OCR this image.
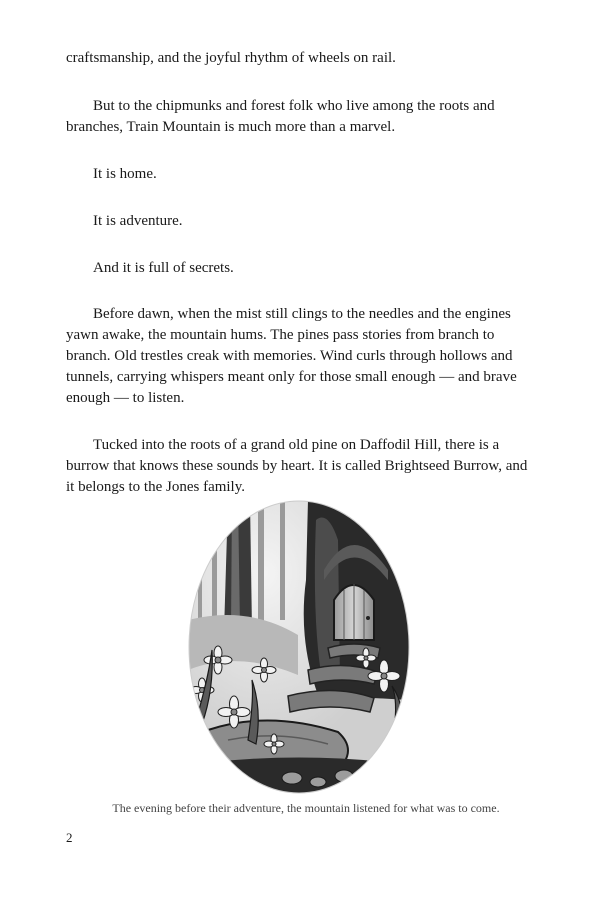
craftsmanship, and the joyful rhythm of wheels on rail.

But to the chipmunks and forest folk who live among the roots and branches, Train Mountain is much more than a marvel.

It is home.

It is adventure.

And it is full of secrets.

Before dawn, when the mist still clings to the needles and the engines yawn awake, the mountain hums. The pines pass stories from branch to branch. Old trestles creak with memories. Wind curls through hollows and tunnels, carrying whispers meant only for those small enough — and brave enough — to listen.

Tucked into the roots of a grand old pine on Daffodil Hill, there is a burrow that knows these sounds by heart. It is called Brightseed Burrow, and it belongs to the Jones family.

The evening before their adventure, the mountain listened for what was to come.

2
